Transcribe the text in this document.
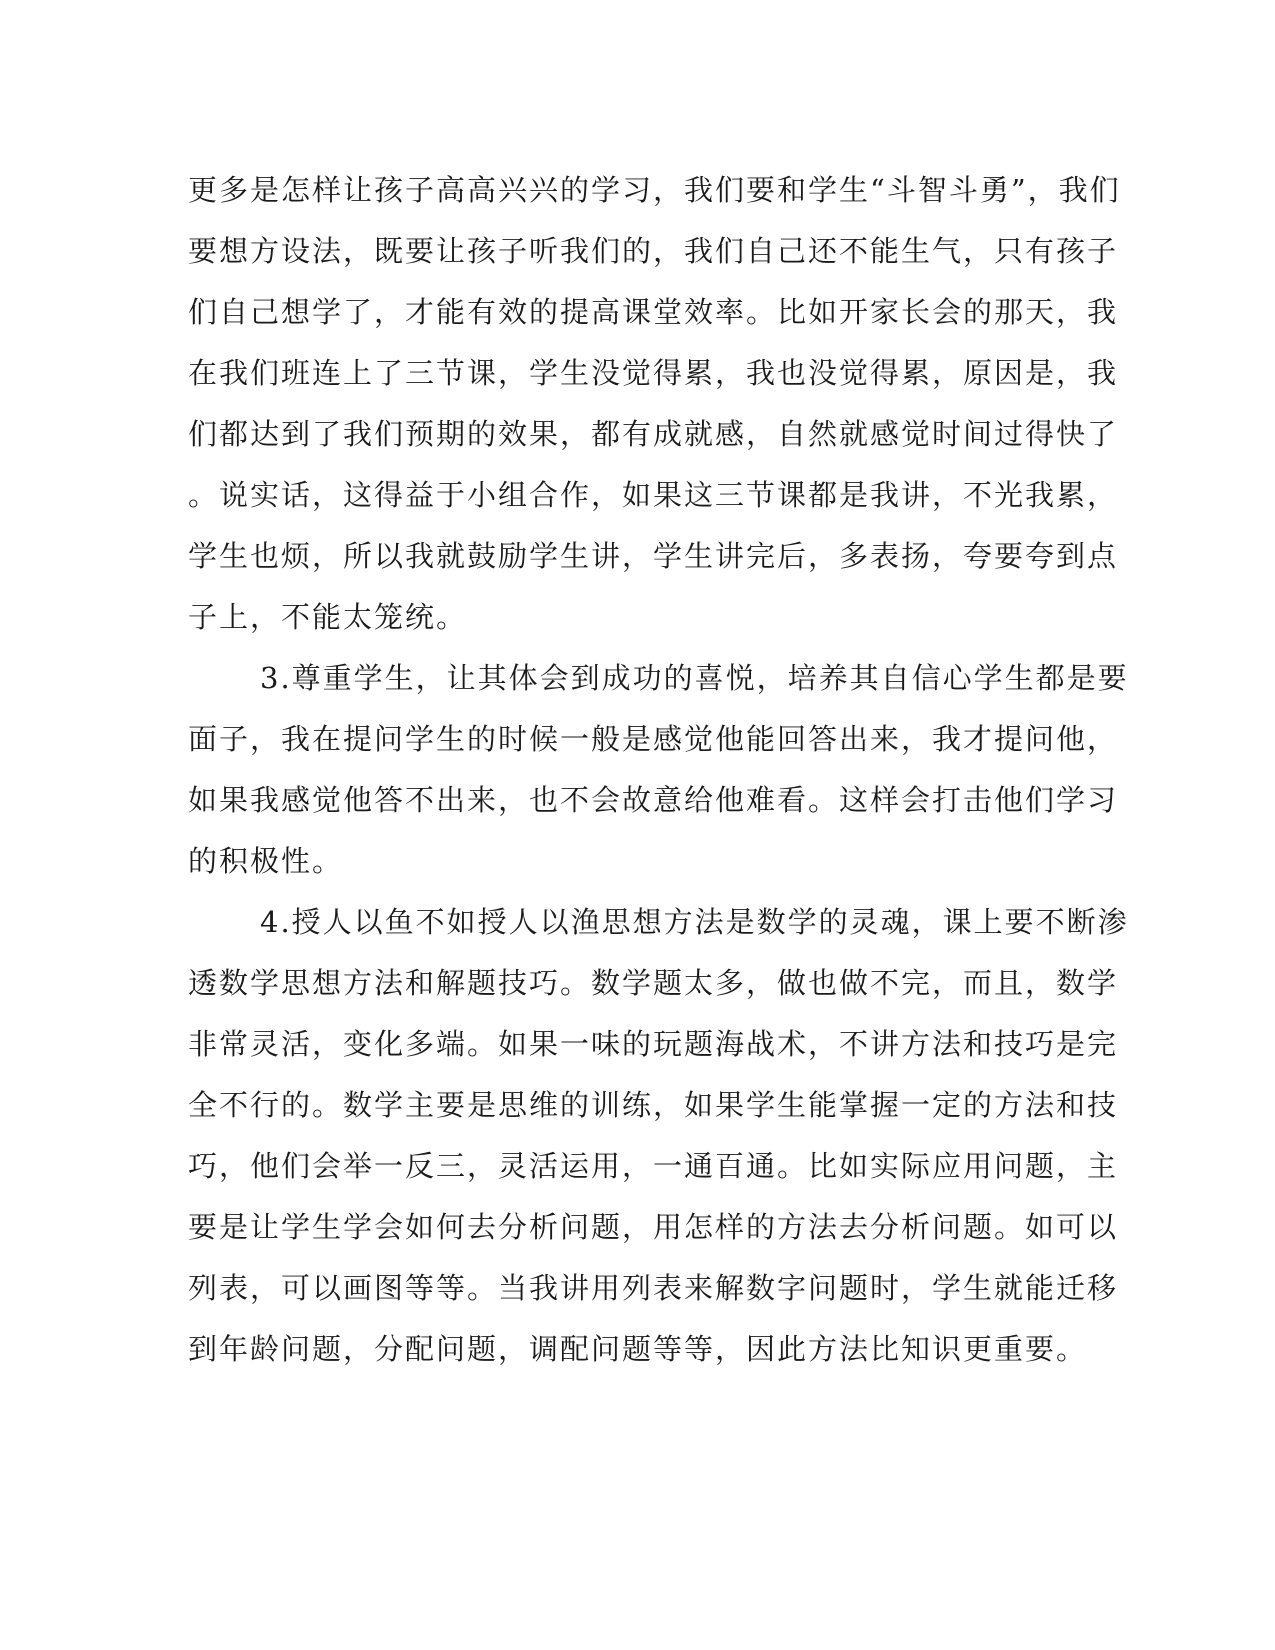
更多是怎样让孩子高高兴兴的学习，我们要和学生“斗智斗勇”，我们
要想方设法，既要让孩子听我们的，我们自己还不能生气，只有孩子
们自己想学了，才能有效的提高课堂效率。比如开家长会的那天，我
在我们班连上了三节课，学生没觉得累，我也没觉得累，原因是，我
们都达到了我们预期的效果，都有成就感，自然就感觉时间过得快了
。说实话，这得益于小组合作，如果这三节课都是我讲，不光我累，
学生也烦，所以我就鼓励学生讲，学生讲完后，多表扬，夸要夸到点
子上，不能太笼统。
3.尊重学生，让其体会到成功的喜悦，培养其自信心学生都是要
面子，我在提问学生的时候一般是感觉他能回答出来，我才提问他，
如果我感觉他答不出来，也不会故意给他难看。这样会打击他们学习
的积极性。
4.授人以鱼不如授人以渔思想方法是数学的灵魂，课上要不断渗
透数学思想方法和解题技巧。数学题太多，做也做不完，而且，数学
非常灵活，变化多端。如果一味的玩题海战术，不讲方法和技巧是完
全不行的。数学主要是思维的训练，如果学生能掌握一定的方法和技
巧，他们会举一反三，灵活运用，一通百通。比如实际应用问题，主
要是让学生学会如何去分析问题，用怎样的方法去分析问题。如可以
列表，可以画图等等。当我讲用列表来解数字问题时，学生就能迁移
到年龄问题，分配问题，调配问题等等，因此方法比知识更重要。
